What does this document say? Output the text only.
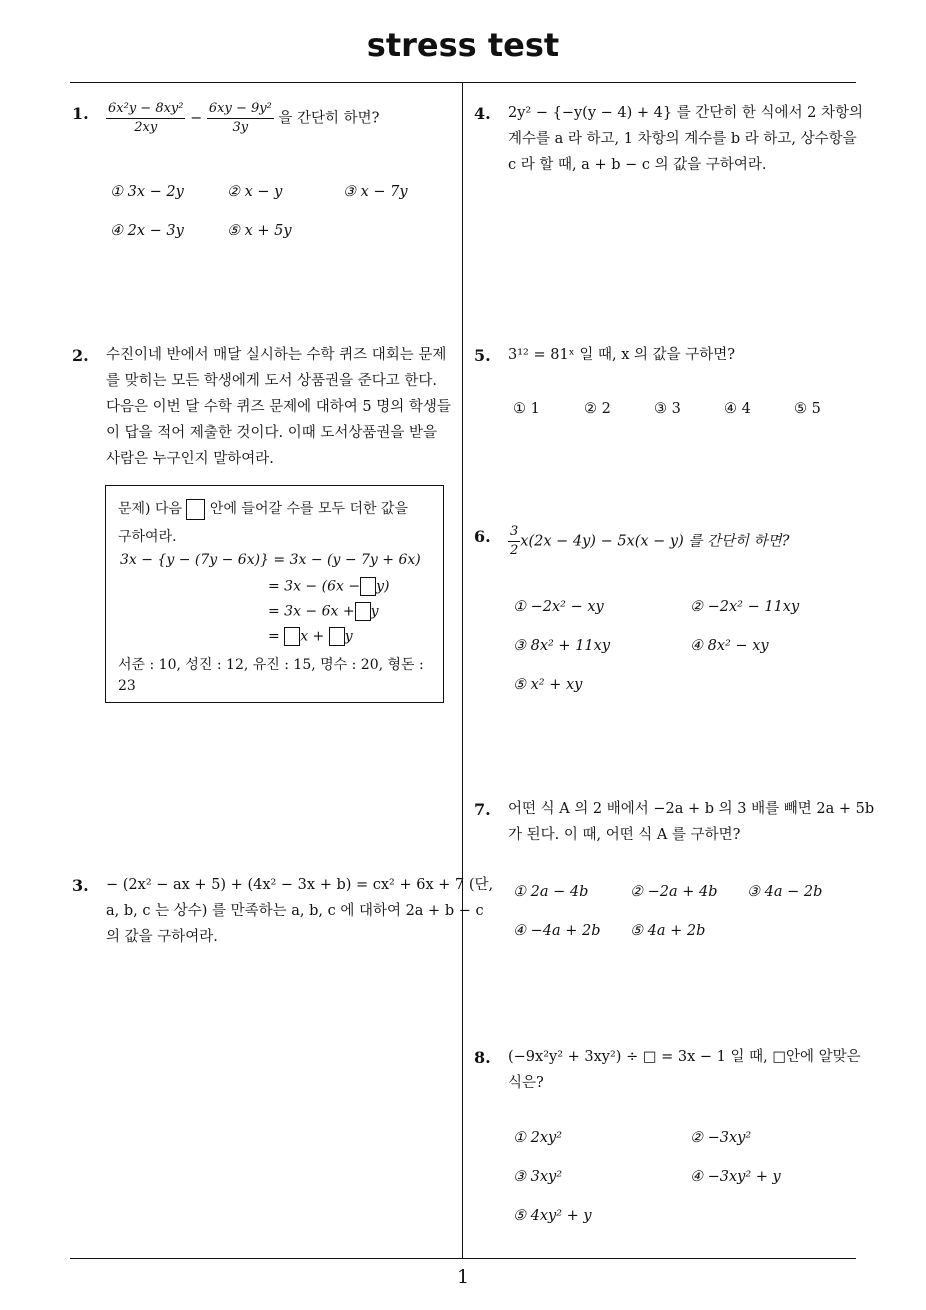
stress test
1
1. $\frac{\text{6x²y − 8xy²}}{2xy} - \frac{\text{6xy − 9y²}}{3y}$ 을 간단히 하면?
① 3x − 2y	② x − y	③ x − 7y
④ 2x − 3y	⑤ x + 5y
2. 수진이네 반에서 매달 실시하는 수학 퀴즈 대회는 문제
를 맞히는 모든 학생에게 도서 상품권을 준다고 한다.
다음은 이번 달 수학 퀴즈 문제에 대하여 5 명의 학생들
이 답을 적어 제출한 것이다. 이때 도서상품권을 받을
사람은 누구인지 말하여라.
문제) 다음 안에 들어갈 수를 모두 더한 값을
구하여라.
3x − {y − (7y − 6x)} = 3x − (y − 7y + 6x)
= 3x − (6x − y)
= 3x − 6x + y
= x + y
서준 : 10, 성진 : 12, 유진 : 15, 명수 : 20, 형돈 :
23
3. − (2x² − ax + 5) + (4x² − 3x + b) = cx² + 6x + 7 (단,
a, b, c 는 상수) 를 만족하는 a, b, c 에 대하여 2a + b − c
의 값을 구하여라.
4. 2y² − {−y(y − 4) + 4} 를 간단히 한 식에서 2 차항의
계수를 a 라 하고, 1 차항의 계수를 b 라 하고, 상수항을
c 라 할 때, a + b − c 의 값을 구하여라.
5. 3¹² = 81ˣ 일 때, x 의 값을 구하면?
① 1	② 2	③ 3	④ 4	⑤ 5
6. $\frac{3}{2} x(2x - 4y) - 5x(x - y)$ 를 간단히 하면?
① −2x² − xy	② −2x² − 11xy
③ 8x² + 11xy	④ 8x² − xy
⑤ x² + xy
7. 어떤 식 A 의 2 배에서 −2a + b 의 3 배를 빼면 2a + 5b
가 된다. 이 때, 어떤 식 A 를 구하면?
① 2a − 4b	② −2a + 4b ③ 4a − 2b
④ −4a + 2b ⑤ 4a + 2b
8. (−9x²y² + 3xy²) ÷ □ = 3x − 1 일 때, □안에 알맞은
식은?
① 2xy²	② −3xy²
③ 3xy²	④ −3xy² + y
⑤ 4xy² + y
